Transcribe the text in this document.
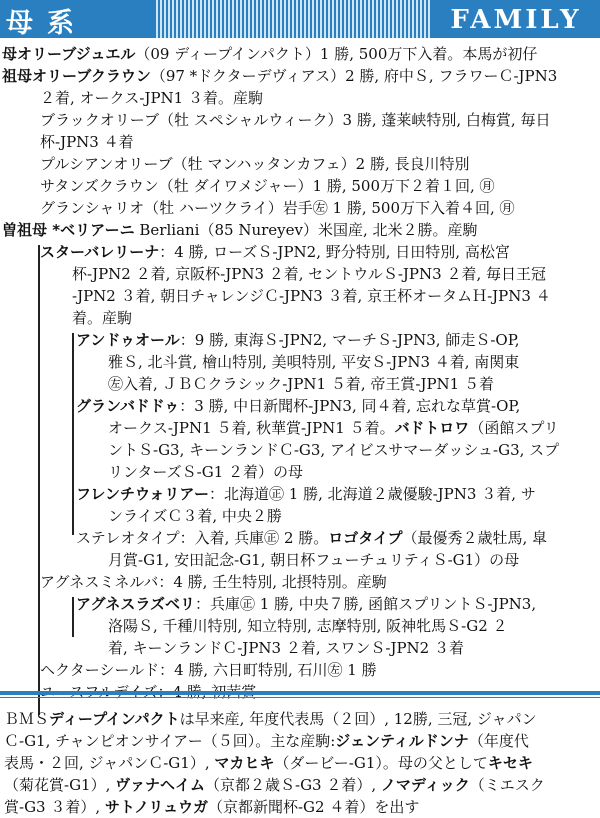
母系	FAMILY
母オリーブジュエル（09 ディープインパクト）1 勝, 500万下入着。本馬が初仔
祖母オリーブクラウン（97 *ドクターデヴィアス）2 勝, 府中Ｓ, フラワーＣ-JPN3
２着, オークス-JPN1 ３着。産駒
ブラックオリーブ（牡 スペシャルウィーク）3 勝, 蓬莱峡特別, 白梅賞, 毎日
杯-JPN3 ４着
プルシアンオリーブ（牡 マンハッタンカフェ）2 勝, 長良川特別
サタンズクラウン（牡 ダイワメジャー）1 勝, 500万下２着１回, ㊊
グランシャリオ（牡 ハーツクライ）岩手㊧ 1 勝, 500万下入着４回, ㊊
曽祖母 *ベリアーニ Berliani（85 Nureyev）米国産, 北米２勝。産駒
スターバレリーナ：4 勝, ローズＳ-JPN2, 野分特別, 日田特別, 高松宮
杯-JPN2 ２着, 京阪杯-JPN3 ２着, セントウルＳ-JPN3 ２着, 毎日王冠
-JPN2 ３着, 朝日チャレンジＣ-JPN3 ３着, 京王杯オータムＨ-JPN3 ４
着。産駒
アンドゥオール：9 勝, 東海Ｓ-JPN2, マーチＳ-JPN3, 師走Ｓ-OP,
雅Ｓ, 北斗賞, 檜山特別, 美唄特別, 平安Ｓ-JPN3 ４着, 南関東
㊧入着, ＪＢＣクラシック-JPN1 ５着, 帝王賞-JPN1 ５着
グランバドドゥ：3 勝, 中日新聞杯-JPN3, 同４着, 忘れな草賞-OP,
オークス-JPN1 ５着, 秋華賞-JPN1 ５着。バドトロワ（函館スプリ
ントＳ-G3, キーンランドＣ-G3, アイビスサマーダッシュ-G3, スプ
リンターズＳ-G1 ２着）の母
フレンチウォリアー：北海道㊣ 1 勝, 北海道２歳優駿-JPN3 ３着, サ
ンライズＣ３着, 中央２勝
ステレオタイプ：入着, 兵庫㊣ 2 勝。ロゴタイプ（最優秀２歳牡馬, 皐
月賞-G1, 安田記念-G1, 朝日杯フューチュリティＳ-G1）の母
アグネスミネルバ：4 勝, 壬生特別, 北摂特別。産駒
アグネスラズベリ：兵庫㊣ 1 勝, 中央７勝, 函館スプリントＳ-JPN3,
洛陽Ｓ, 千種川特別, 知立特別, 志摩特別, 阪神牝馬Ｓ-G2 ２
着, キーンランドＣ-JPN3 ２着, スワンＳ-JPN2 ３着
ヘクターシールド：4 勝, 六日町特別, 石川㊧ 1 勝
ＢＭＳディープインパクトは早来産, 年度代表馬（２回）, 12勝, 三冠, ジャパン
Ｃ-G1, チャンピオンサイアー（５回）。主な産駒:ジェンティルドンナ（年度代
表馬・２回, ジャパンＣ-G1）, マカヒキ（ダービー-G1）。母の父としてキセキ
（菊花賞-G1）, ヴァナヘイム（京都２歳Ｓ-G3 ２着）, ノマディック（ミエスク
賞-G3 ３着）, サトノリュウガ（京都新聞杯-G2 ４着）を出す
